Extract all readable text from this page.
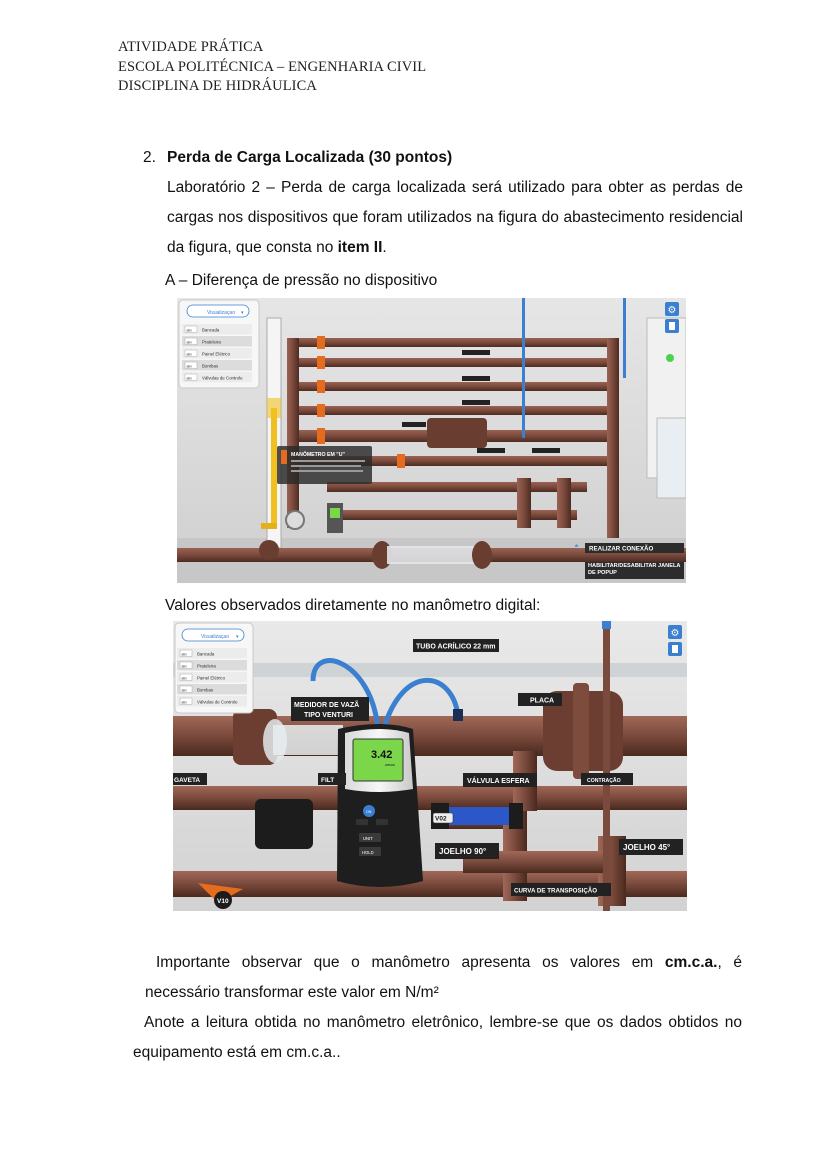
ATIVIDADE PRÁTICA
ESCOLA POLITÉCNICA – ENGENHARIA CIVIL
DISCIPLINA DE HIDRÁULICA
2. Perda de Carga Localizada (30 pontos)
Laboratório 2 – Perda de carga localizada será utilizado para obter as perdas de cargas nos dispositivos que foram utilizados na figura do abastecimento residencial da figura, que consta no item II.
A – Diferença de pressão no dispositivo
Visualizaçao ▾
ativ Bancada
ativ Prateleira
ativ Painel Elétrico
ativ Bombas
ativ Válvulas de Controle
MANÔMETRO EM "U"
⚙
🖱 REALIZAR CONEXÃO
HABILITAR/DESABILITAR JANELA DE POPUP
Valores observados diretamente no manômetro digital:
V02
V10
3.42
cmca
UNIT
HOLD
ON
TUBO ACRÍLICO 22 mm
MEDIDOR DE VAZÃ
TIPO VENTURI
PLACA
GAVETA	FILT	VÁLVULA ESFERA	CONTRAÇÃO
JOELHO 90°	JOELHO 45°
CURVA DE TRANSPOSIÇÃO
Visualizaçao ▾
ativ Bancada
ativ Prateleira
ativ Painel Elétrico
ativ Bombas
ativ Válvulas de Controle
⚙
Importante observar que o manômetro apresenta os valores em cm.c.a., é necessário transformar este valor em N/m²
Anote a leitura obtida no manômetro eletrônico, lembre-se que os dados obtidos no equipamento está em cm.c.a..
